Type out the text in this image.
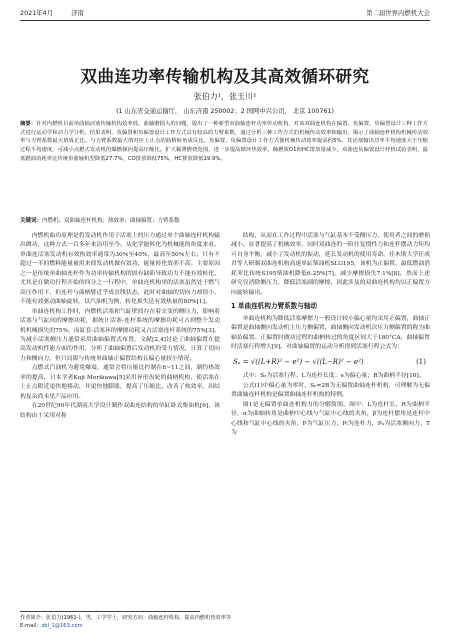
2021年4月	济南	第二届世界内燃机大会
双曲连功率传输机构及其高效循环研究
张伯力¹，张玉川²
(1 山东省交通运输厅， 山东济南 250002；2 国网中兴公司， 北京 100761)
摘要：针对内燃机目前单曲轴活塞传输机构效率低、曲轴磨损大的问题，提出了一种新型双曲轴连杆功率传动机构，对该双曲连机构在偏置、负偏置、负偏置设计三种工作方式进行运动学和动力学分析。结果表明，负偏置和负偏置设计工作方式具有较高的力臂系数，通过分析三种工作方式的机械传动效率和输出，揭示了曲轴连杆机构机械传动效率与力臂系数最大值成正比。与力臂系数最大值对应上止点的曲柄转角成反比。负偏置、负偏置设计工作方式使机械传动效率提高约5%，其活塞输出功率平均速度大于压缩过程平均速度，可减小点燃式发动机的爆燃倾向提高压缩比。扩大稀薄燃烧范围，进一步提高循环热效率。稀燃效O1和HC排放量减少。双曲连负偏置设计样机试验表明，最低燃油消耗率比传统单曲轴机型降低27.7%，CO排放降低75%，HC排放降低19.9%。
关键词：内燃机；双曲轴连杆机构；热效率；曲轴偏置；力臂系数

内燃机曲功原理是将发动机作用于活塞上的压力通过单个曲轴连杆机构输出做功，这种方式一百多年来沿用至今。从化学能转化为机械能的角度来看，单曲连活塞发动机有效热效率通常为30%至40%，最高至50%左右；只有不超过一半的燃料能量被用来使发动机做有效功，能量转化效率不高。主要原因之一是传统单曲轴连杆作为功率传输机构的固有缺陷导致功力不能有效转化，尤其是在做功行程开始的四分之一行程中，单曲连机构里的活塞虽然处于燃气高压作用下，但连杆与曲柄臂近乎成直线状态，此时对曲轴的切向力却很小，不能有效驱动曲轴旋转。以汽油机为例，转化损失达有效热量的80%[1]。

单曲连机构工作时，内燃机活塞和气缸壁间存在着交变的侧压力，影响着活塞与气缸间的摩擦功耗，据统计活塞-连杆系统的摩擦功耗可占到整个发动机机械损失的75%，而缸套-活塞环的摩擦功耗又占活塞连杆系统的75%[3]。为减小活塞侧压力通常采用曲轴偏置式布置，文献[2,4]讨论了曲轴偏置在提高发动机性能方面的作用，分析了曲轴偏置后发动机的受力情况，计算了切向力和侧向力，但只局限与传统单曲轴正偏置结构且偏心量较小情况。

点燃式汽油机为避免爆震，通常会将压缩比控制在8~11之间，制约热效率的提高。日本学者Koji Morikawa[5]采用异形齿轮的曲柄机构，使活塞在上止点附近更快地移动，并更快地膨胀，提高了压缩比，改善了热效率，因结构复杂尚未见产品应用。

在20世纪90年代湖南大学设计制作双曲连结构的单缸卧式柴油机[6]，该结构由于采用对称

结构，从而在工作过程中活塞与气缸基本不受侧压力，使用者之间的磨损减小，显著提高了机械效率，同时双曲连的一阶往复惯性力和连杆摆动力矩均可自身平衡，减小了发动机的振动，延长发动机的使用寿命。佳木斯大学任成君等人研制双曲连机构高速单缸柴油机SLG195，该机为正偏置，最低燃油消耗率比传统S195柴油机降低6.25%[7]，减少摩擦损失7.1%[8]。然而上述研究仅消除侧压力，降低活塞副的摩擦，因此涉及的双曲连机构均以正偏置方向旋转输出。

1 单曲连机构力臂系数与轴动

单曲连机构为降低活塞摩擦力一般设计较小偏心量均采用正偏置，曲轴正偏置是曲轴侧向发动机主压力侧偏置，曲轴侧向发动机次压力侧偏置的称为曲轴负偏置。正偏置时做功过程的曲柄转过的角度区间大于180°CA，曲轴偏置时活塞行程增大[9]。对曲轴偏置的运动分析得到活塞行程公式为：

Sₑ = √((L+R)² − e²) − √((L−R)² − e²)	(1)

式中：Sₑ为活塞行程；L为连杆长度；e为偏心量；R为曲柄半径[10]。

公式(1)中偏心量为零时，Sₑ=2R为无偏置曲轴连杆机构，可理解为无偏置曲轴连杆机构是偏置曲轴连杆机构的特例。

图1是无偏置单曲连机构力的分解简图，图中：L为连杆长，R为曲柄半径，α为曲轴转角是曲柄中心线与气缸中心线的夹角，β为连杆摆角是连杆中心线和气缸中心线的夹角，P为气缸压力，Pₗ为连杆力，Pₙ为活塞侧向力，T为

作者简介：张伯力(1961-)，男，工学学士，研究方向：曲轴连杆机构，提高内燃机热效率等
E-mail：zbl_1@163.com
